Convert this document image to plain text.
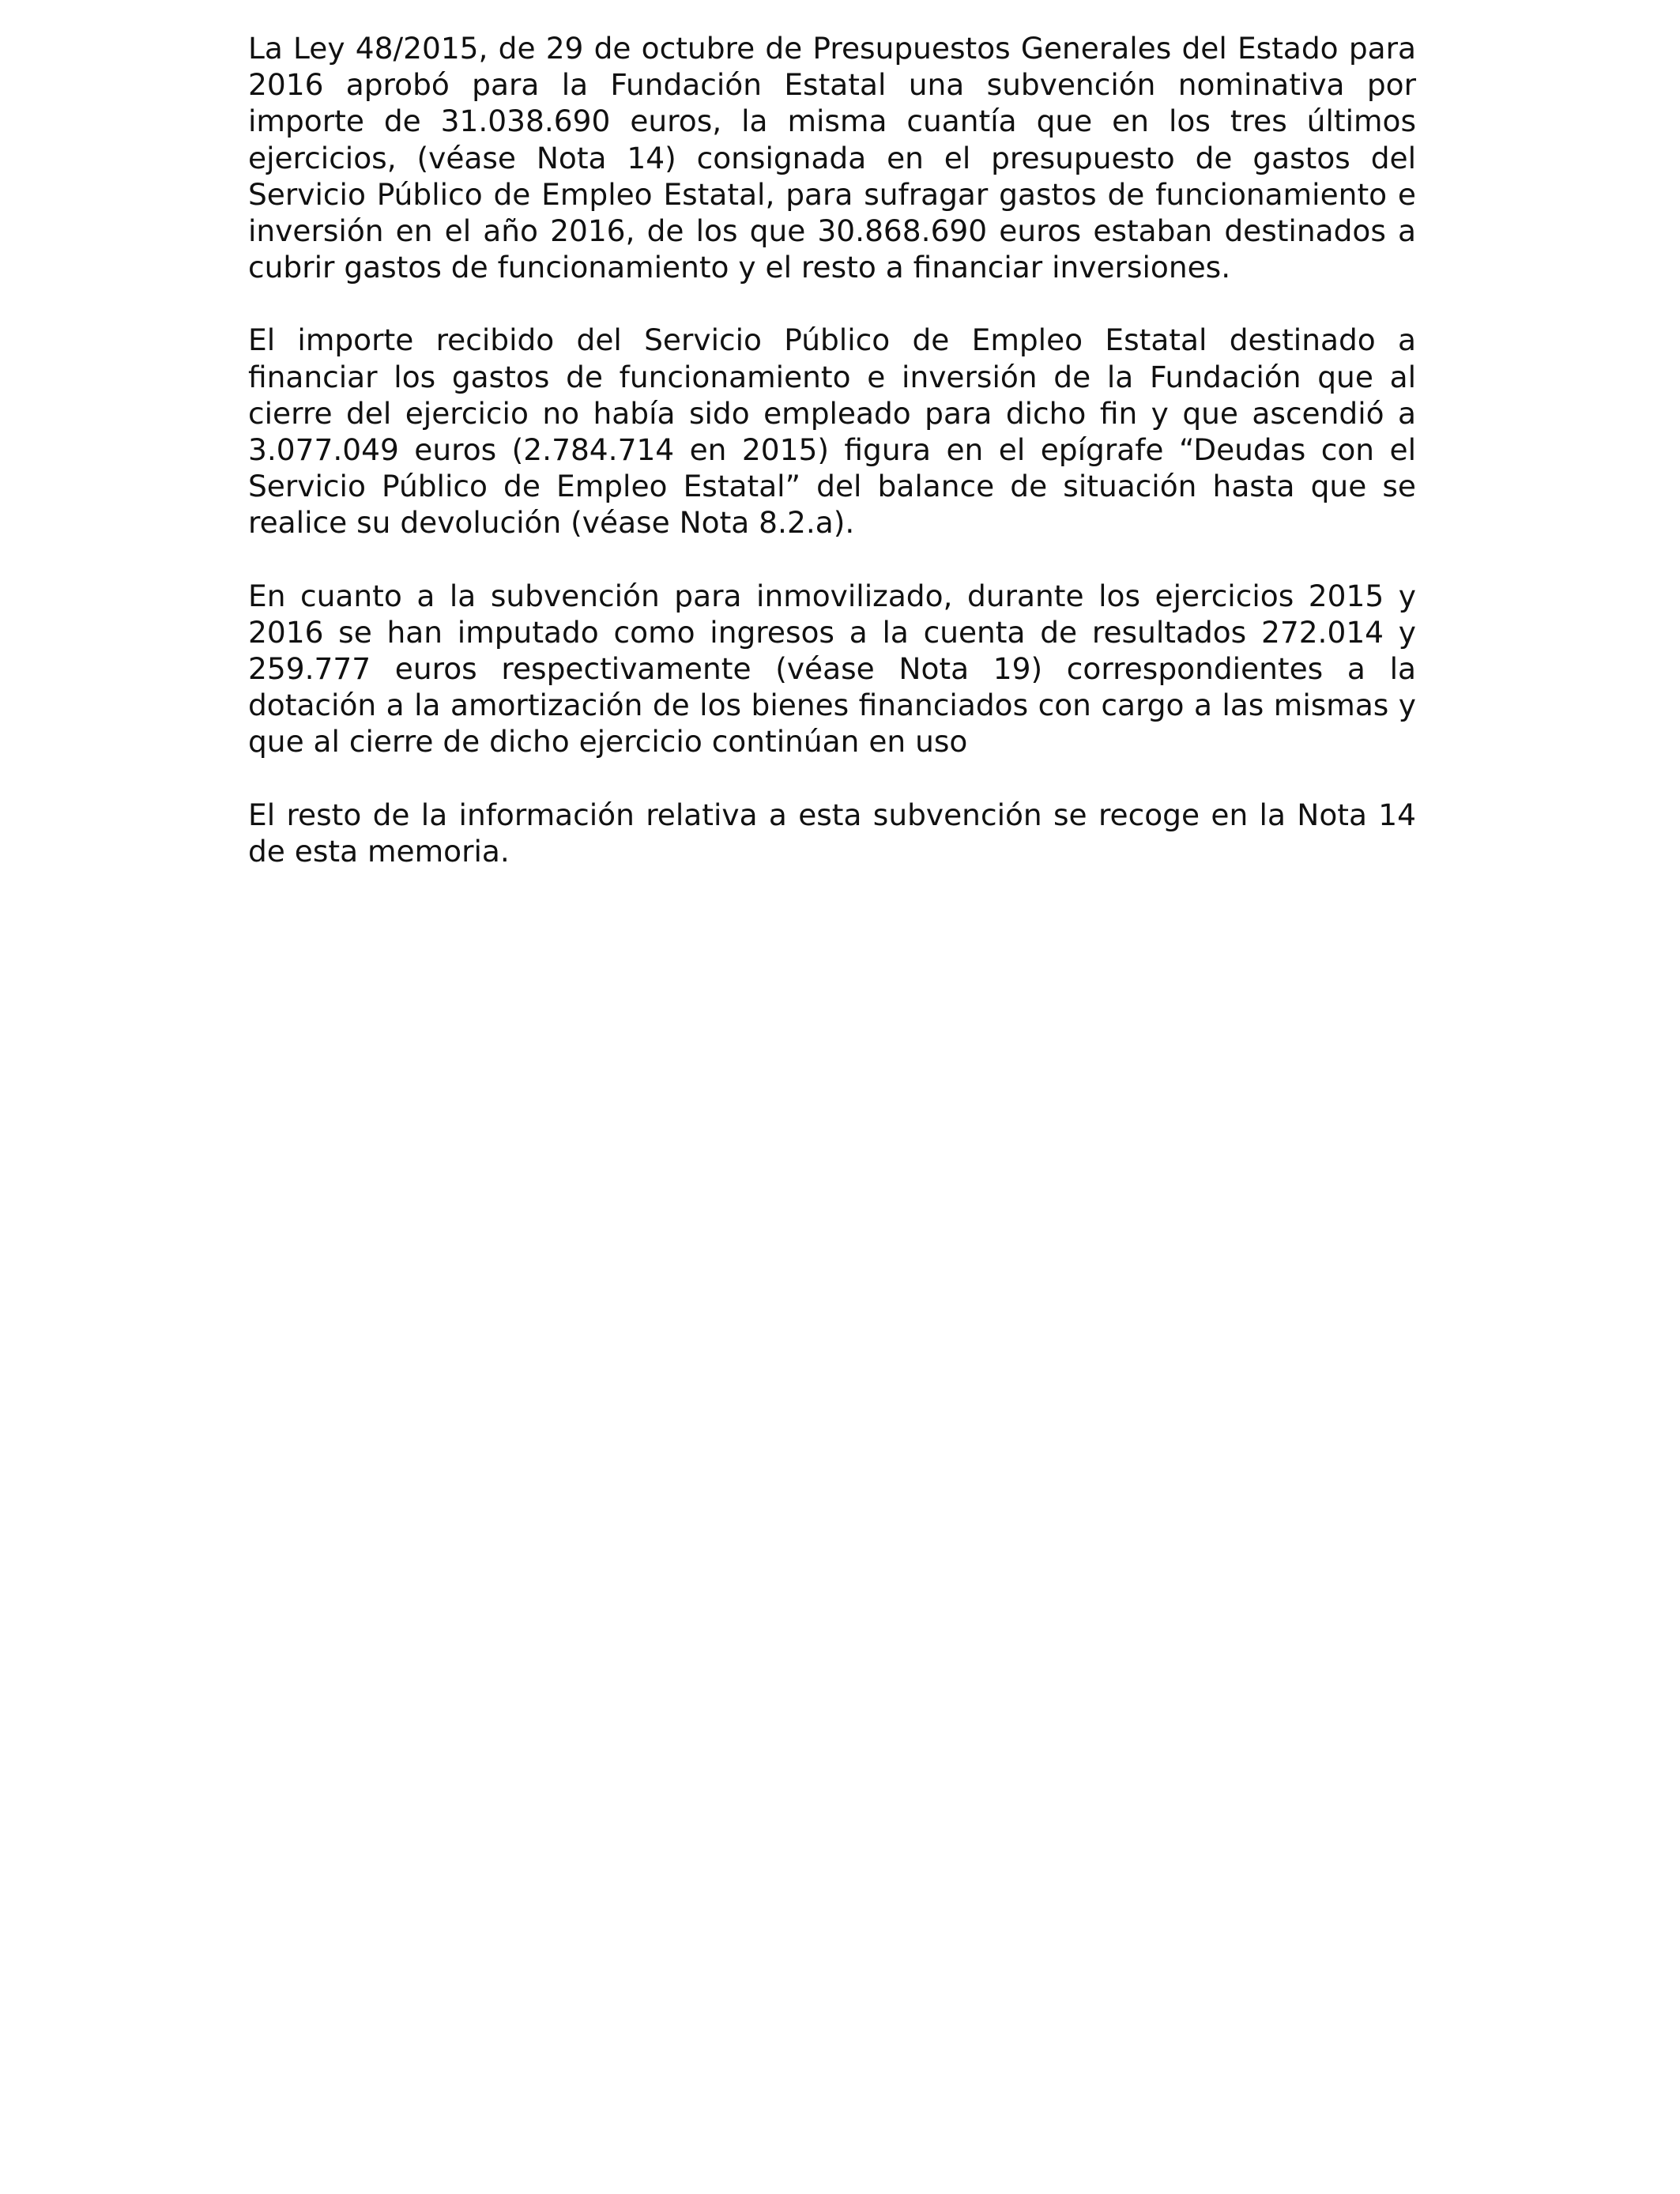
La Ley 48/2015, de 29 de octubre de Presupuestos Generales del Estado para 2016 aprobó para la Fundación Estatal una subvención nominativa por importe de 31.038.690 euros, la misma cuantía que en los tres últimos ejercicios, (véase Nota 14) consignada en el presupuesto de gastos del Servicio Público de Empleo Estatal, para sufragar gastos de funcionamiento e inversión en el año 2016, de los que 30.868.690 euros estaban destinados a cubrir gastos de funcionamiento y el resto a financiar inversiones.

El importe recibido del Servicio Público de Empleo Estatal destinado a financiar los gastos de funcionamiento e inversión de la Fundación que al cierre del ejercicio no había sido empleado para dicho fin y que ascendió a 3.077.049 euros (2.784.714 en 2015) figura en el epígrafe “Deudas con el Servicio Público de Empleo Estatal” del balance de situación hasta que se realice su devolución (véase Nota 8.2.a).

En cuanto a la subvención para inmovilizado, durante los ejercicios 2015 y 2016 se han imputado como ingresos a la cuenta de resultados 272.014 y 259.777 euros respectivamente (véase Nota 19) correspondientes a la dotación a la amortización de los bienes financiados con cargo a las mismas y que al cierre de dicho ejercicio continúan en uso

El resto de la información relativa a esta subvención se recoge en la Nota 14 de esta memoria.
